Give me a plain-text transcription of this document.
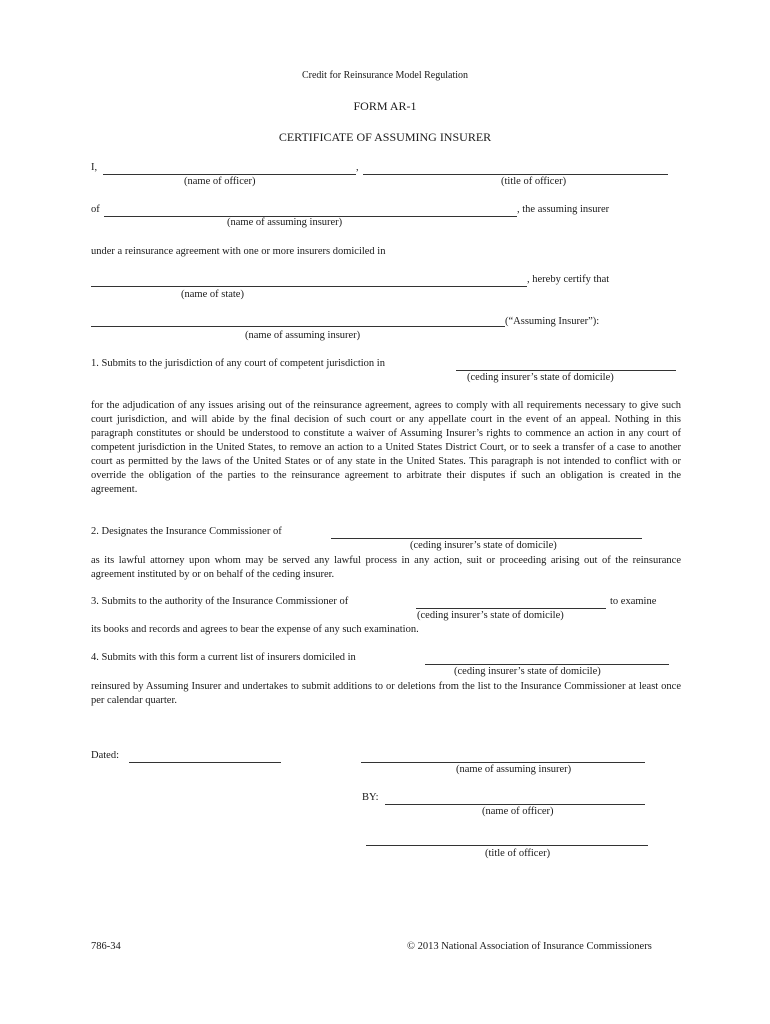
Credit for Reinsurance Model Regulation
FORM AR-1
CERTIFICATE OF ASSUMING INSURER
I,	,
(name of officer)	(title of officer)
of	, the assuming insurer
(name of assuming insurer)
under a reinsurance agreement with one or more insurers domiciled in
, hereby certify that
(name of state)
(“Assuming Insurer”):
(name of assuming insurer)
1. Submits to the jurisdiction of any court of competent jurisdiction in
(ceding insurer’s state of domicile)
for the adjudication of any issues arising out of the reinsurance agreement, agrees to comply with all requirements necessary to give such court jurisdiction, and will abide by the final decision of such court or any appellate court in the event of an appeal. Nothing in this paragraph constitutes or should be understood to constitute a waiver of Assuming Insurer’s rights to commence an action in any court of competent jurisdiction in the United States, to remove an action to a United States District Court, or to seek a transfer of a case to another court as permitted by the laws of the United States or of any state in the United States. This paragraph is not intended to conflict with or override the obligation of the parties to the reinsurance agreement to arbitrate their disputes if such an obligation is created in the agreement.
2. Designates the Insurance Commissioner of
(ceding insurer’s state of domicile)
as its lawful attorney upon whom may be served any lawful process in any action, suit or proceeding arising out of the reinsurance agreement instituted by or on behalf of the ceding insurer.
3. Submits to the authority of the Insurance Commissioner of	to examine
(ceding insurer’s state of domicile)
its books and records and agrees to bear the expense of any such examination.
4. Submits with this form a current list of insurers domiciled in
(ceding insurer’s state of domicile)
reinsured by Assuming Insurer and undertakes to submit additions to or deletions from the list to the Insurance Commissioner at least once per calendar quarter.
Dated:
(name of assuming insurer)
BY:
(name of officer)
(title of officer)
786-34	© 2013 National Association of Insurance Commissioners
